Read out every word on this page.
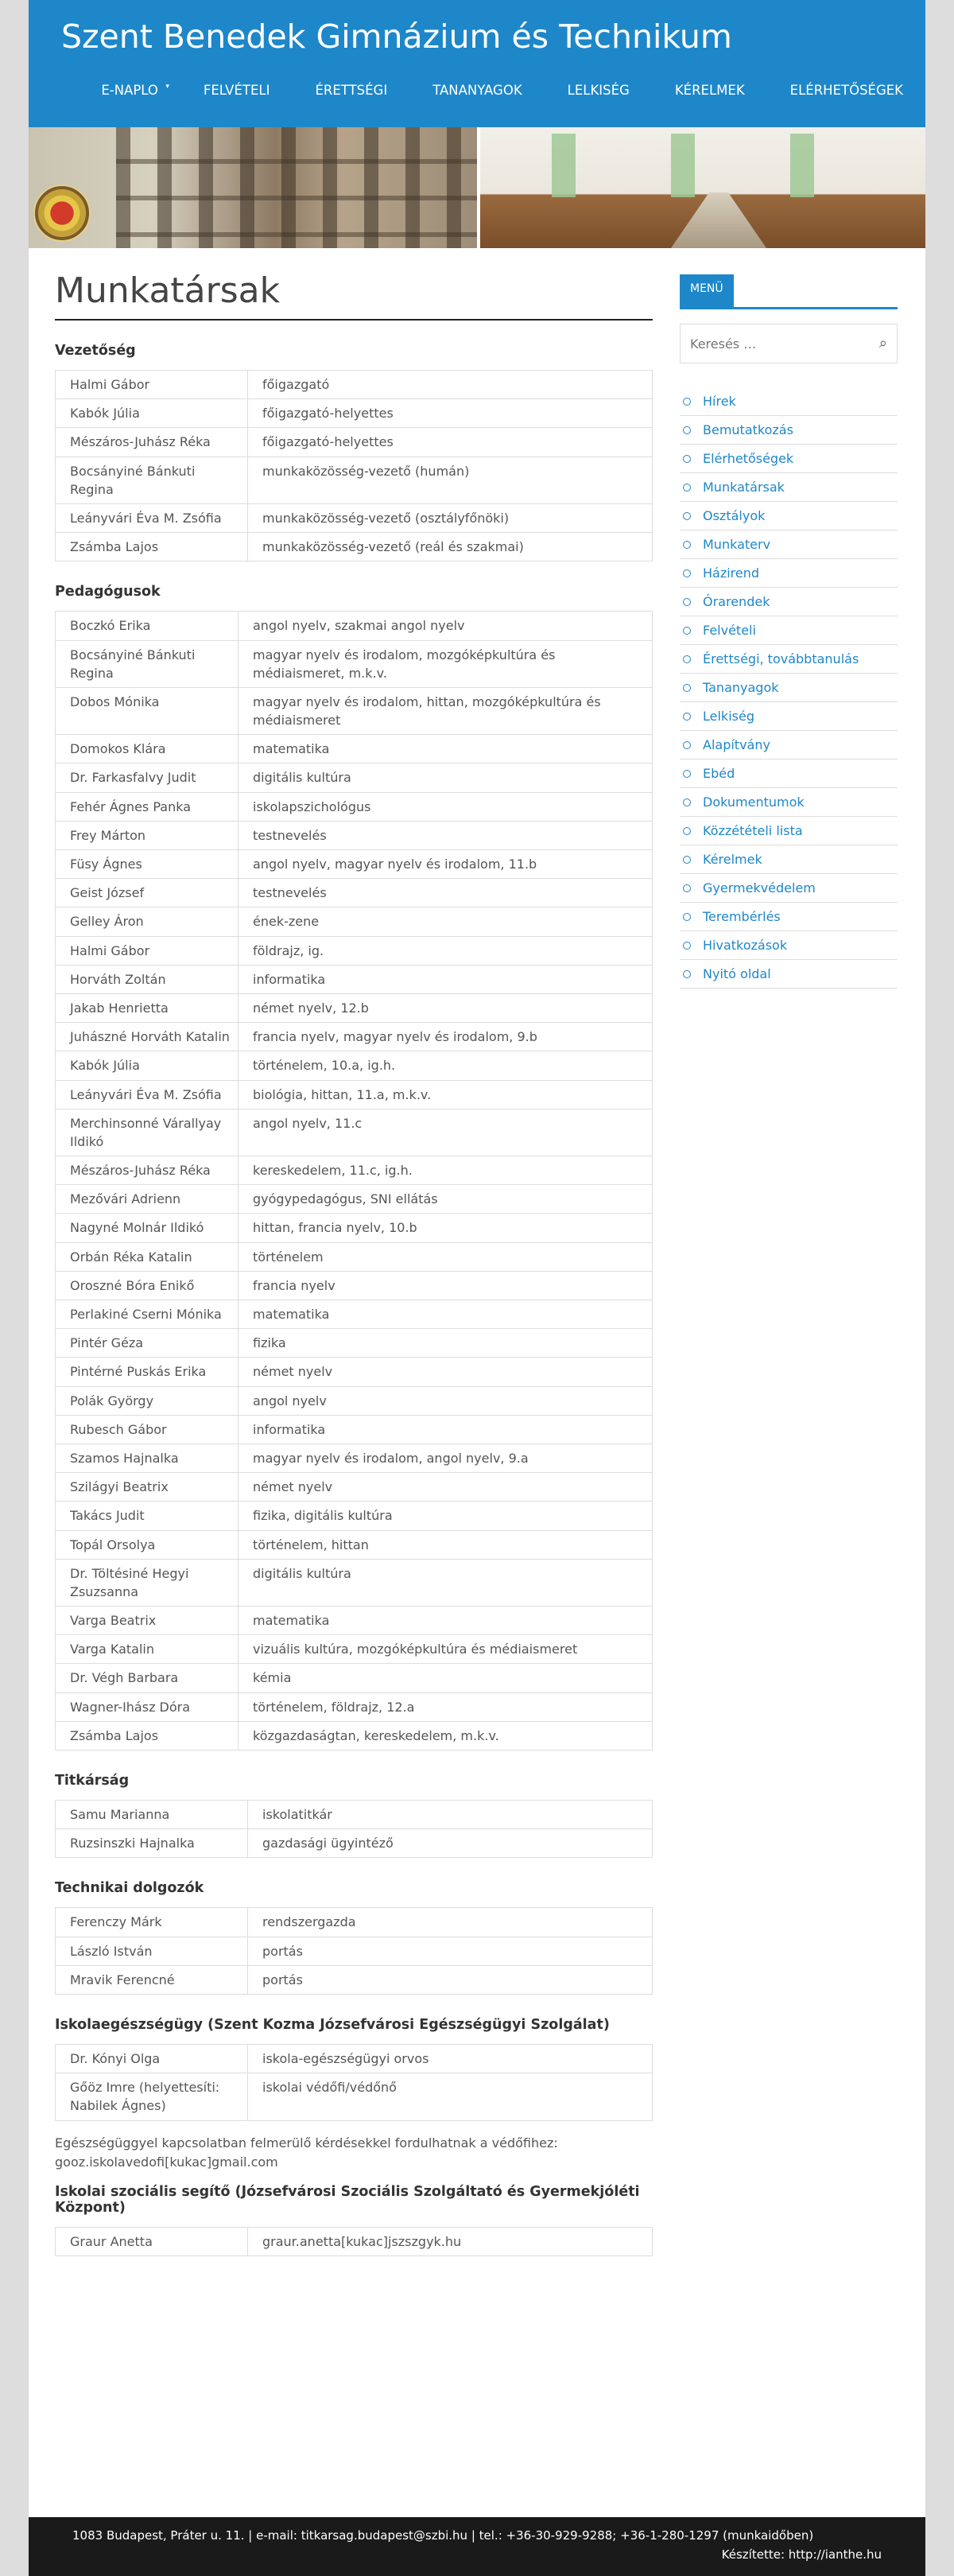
Szent Benedek Gimnázium és Technikum
E-NAPLO ▾	FELVÉTELI	ÉRETTSÉGI	TANANYAGOK	LELKISÉG	KÉRELMEK	ELÉRHETŐSÉGEK
Munkatársak
Vezetőség
Halmi Gábor	főigazgató
Kabók Júlia	főigazgató-helyettes
Mészáros-Juhász Réka	főigazgató-helyettes
Bocsányiné Bánkuti Regina	munkaközösség-vezető (humán)
Leányvári Éva M. Zsófia	munkaközösség-vezető (osztályfőnöki)
Zsámba Lajos	munkaközösség-vezető (reál és szakmai)
Pedagógusok
Boczkó Erika	angol nyelv, szakmai angol nyelv
Bocsányiné Bánkuti Regina	magyar nyelv és irodalom, mozgóképkultúra és médiaismeret, m.k.v.
Dobos Mónika	magyar nyelv és irodalom, hittan, mozgóképkultúra és médiaismeret
Domokos Klára	matematika
Dr. Farkasfalvy Judit	digitális kultúra
Fehér Ágnes Panka	iskolapszichológus
Frey Márton	testnevelés
Füsy Ágnes	angol nyelv, magyar nyelv és irodalom, 11.b
Geist József	testnevelés
Gelley Áron	ének-zene
Halmi Gábor	földrajz, ig.
Horváth Zoltán	informatika
Jakab Henrietta	német nyelv, 12.b
Juhászné Horváth Katalin	francia nyelv, magyar nyelv és irodalom, 9.b
Kabók Júlia	történelem, 10.a, ig.h.
Leányvári Éva M. Zsófia	biológia, hittan, 11.a, m.k.v.
Merchinsonné Várallyay Ildikó	angol nyelv, 11.c
Mészáros-Juhász Réka	kereskedelem, 11.c, ig.h.
Mezővári Adrienn	gyógypedagógus, SNI ellátás
Nagyné Molnár Ildikó	hittan, francia nyelv, 10.b
Orbán Réka Katalin	történelem
Oroszné Bóra Enikő	francia nyelv
Perlakiné Cserni Mónika	matematika
Pintér Géza	fizika
Pintérné Puskás Erika	német nyelv
Polák György	angol nyelv
Rubesch Gábor	informatika
Szamos Hajnalka	magyar nyelv és irodalom, angol nyelv, 9.a
Szilágyi Beatrix	német nyelv
Takács Judit	fizika, digitális kultúra
Topál Orsolya	történelem, hittan
Dr. Töltésiné Hegyi Zsuzsanna	digitális kultúra
Varga Beatrix	matematika
Varga Katalin	vizuális kultúra, mozgóképkultúra és médiaismeret
Dr. Végh Barbara	kémia
Wagner-Ihász Dóra	történelem, földrajz, 12.a
Zsámba Lajos	közgazdaságtan, kereskedelem, m.k.v.
Titkárság
Samu Marianna	iskolatitkár
Ruzsinszki Hajnalka	gazdasági ügyintéző
Technikai dolgozók
Ferenczy Márk	rendszergazda
László István	portás
Mravik Ferencné	portás
Iskolaegészségügy (Szent Kozma Józsefvárosi Egészségügyi Szolgálat)
Dr. Kónyi Olga	iskola-egészségügyi orvos
Gőöz Imre (helyettesíti: Nabilek Ágnes)	iskolai védőfi/védőnő

Egészségüggyel kapcsolatban felmerülő kérdésekkel fordulhatnak a védőfihez: gooz.iskolavedofi[kukac]gmail.com

Iskolai szociális segítő (Józsefvárosi Szociális Szolgáltató és Gyermekjóléti Központ)
Graur Anetta	graur.anetta[kukac]jszszgyk.hu
MENÜ
Keresés …
⌕
Hírek
Bemutatkozás
Elérhetőségek
Munkatársak
Osztályok
Munkaterv
Házirend
Órarendek
Felvételi
Érettségi, továbbtanulás
Tananyagok
Lelkiség
Alapítvány
Ebéd
Dokumentumok
Közzétételi lista
Kérelmek
Gyermekvédelem
Terembérlés
Hivatkozások
Nyitó oldal
1083 Budapest, Práter u. 11. | e-mail: titkarsag.budapest@szbi.hu | tel.: +36-30-929-9288; +36-1-280-1297 (munkaidőben)
Készítette: http://ianthe.hu
